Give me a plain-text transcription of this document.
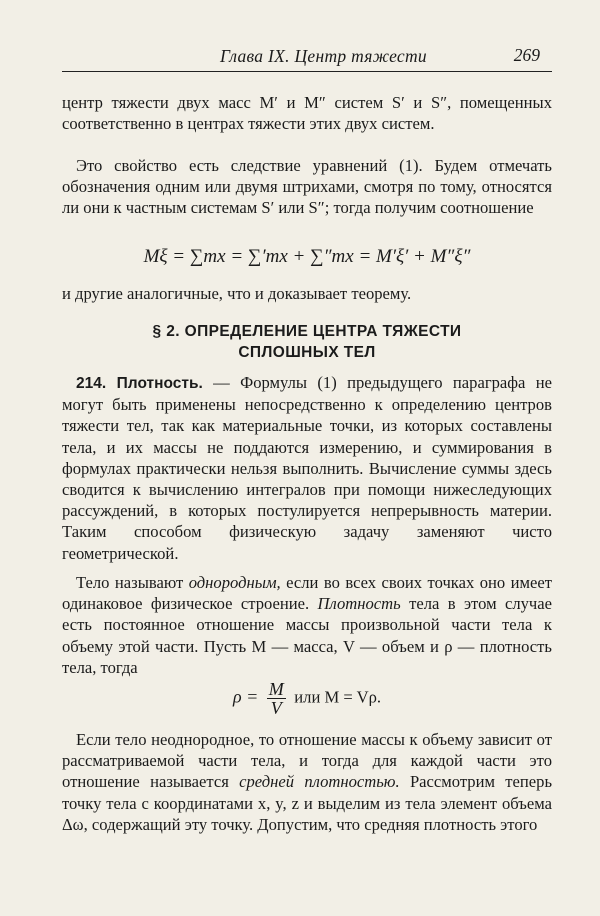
Глава IX. Центр тяжести	269

центр тяжести двух масс M′ и M″ систем S′ и S″, помещенных соответственно в центрах тяжести этих двух систем.

Это свойство есть следствие уравнений (1). Будем отмечать обозначения одним или двумя штрихами, смотря по тому, относятся ли они к частным системам S′ или S″; тогда получим соотношение

Mξ = ∑mx = ∑′mx + ∑″mx = M′ξ′ + M″ξ″

и другие аналогичные, что и доказывает теорему.

§ 2. ОПРЕДЕЛЕНИЕ ЦЕНТРА ТЯЖЕСТИ
СПЛОШНЫХ ТЕЛ

214. Плотность. — Формулы (1) предыдущего параграфа не могут быть применены непосредственно к определению центров тяжести тел, так как материальные точки, из которых составлены тела, и их массы не поддаются измерению, и суммирования в формулах практически нельзя выполнить. Вычисление суммы здесь сводится к вычислению интегралов при помощи нижеследующих рассуждений, в которых постулируется непрерывность материи. Таким способом физическую задачу заменяют чисто геометрической.

Тело называют однородным, если во всех своих точках оно имеет одинаковое физическое строение. Плотность тела в этом случае есть постоянное отношение массы произвольной части тела к объему этой части. Пусть M — масса, V — объем и ρ — плотность тела, тогда

$\rho = \frac{M}{V}$ или M = Vρ.

Если тело неоднородное, то отношение массы к объему зависит от рассматриваемой части тела, и тогда для каждой части это отношение называется средней плотностью. Рассмотрим теперь точку тела с координатами x, y, z и выделим из тела элемент объема Δω, содержащий эту точку. Допустим, что средняя плотность этого
